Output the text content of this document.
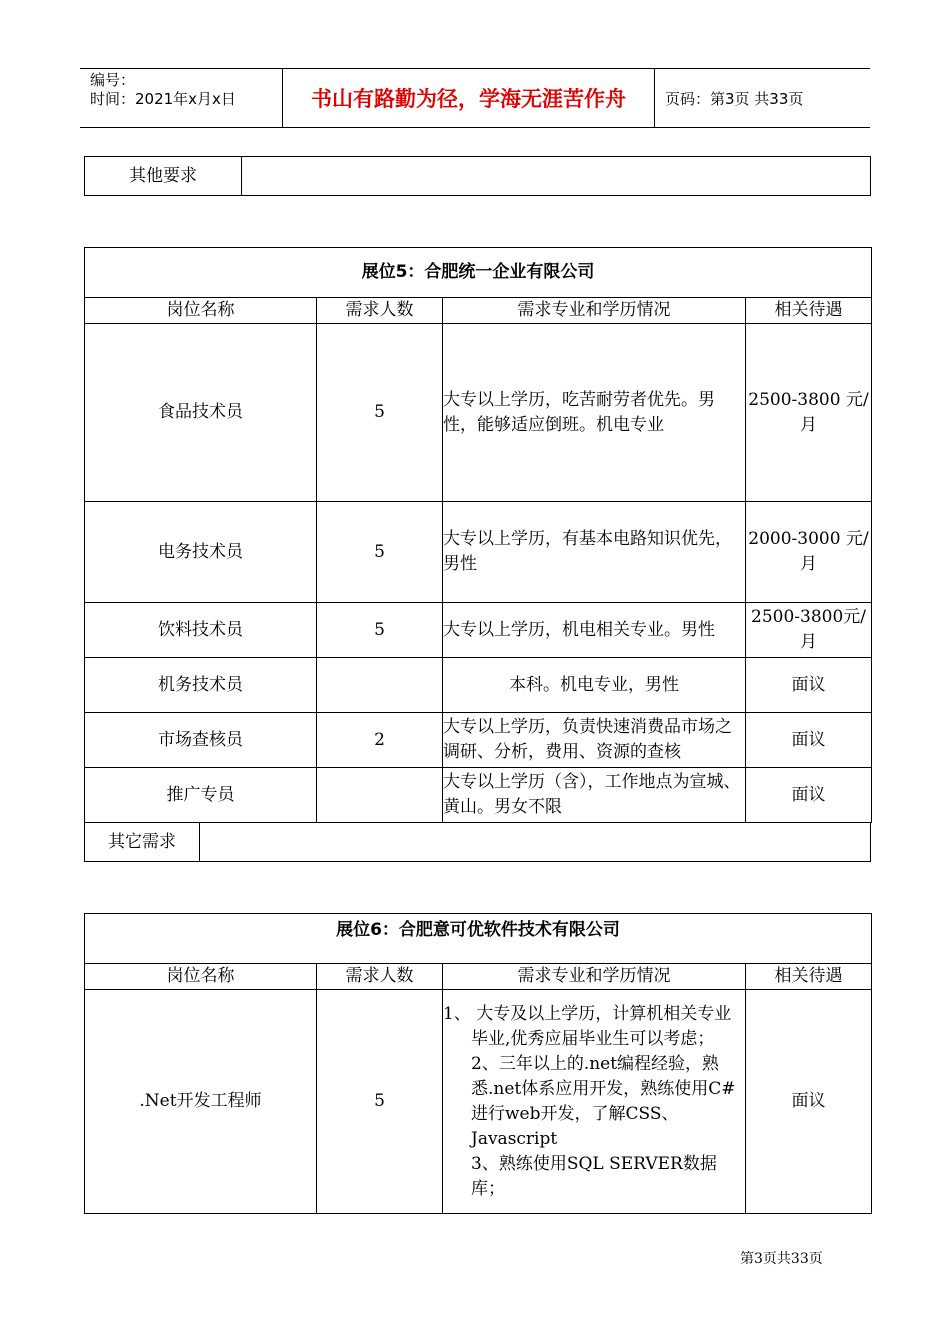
编号：
时间：2021年x月x日	书山有路勤为径，学海无涯苦作舟	页码：第3页 共33页
其他要求	
展位5：合肥统一企业有限公司			
岗位名称	需求人数	需求专业和学历情况	相关待遇
食品技术员	5	大专以上学历，吃苦耐劳者优先。男性，能够适应倒班。机电专业	2500-3800 元/月
电务技术员	5	大专以上学历，有基本电路知识优先，男性	2000-3000 元/月
饮料技术员	5	大专以上学历，机电相关专业。男性	2500-3800元/月
机务技术员		本科。机电专业，男性	面议
市场查核员	2	大专以上学历，负责快速消费品市场之调研、分析，费用、资源的查核	面议
推广专员		大专以上学历（含），工作地点为宣城、黄山。男女不限	面议
其它需求	
展位6：合肥意可优软件技术有限公司			
岗位名称	需求人数	需求专业和学历情况	相关待遇
.Net开发工程师	5	1、 大专及以上学历，计算机相关专业毕业,优秀应届毕业生可以考虑；
2、三年以上的.net编程经验，熟悉.net体系应用开发，熟练使用C#进行web开发，了解CSS、Javascript
3、熟练使用SQL SERVER数据库；	面议
第3页共33页
